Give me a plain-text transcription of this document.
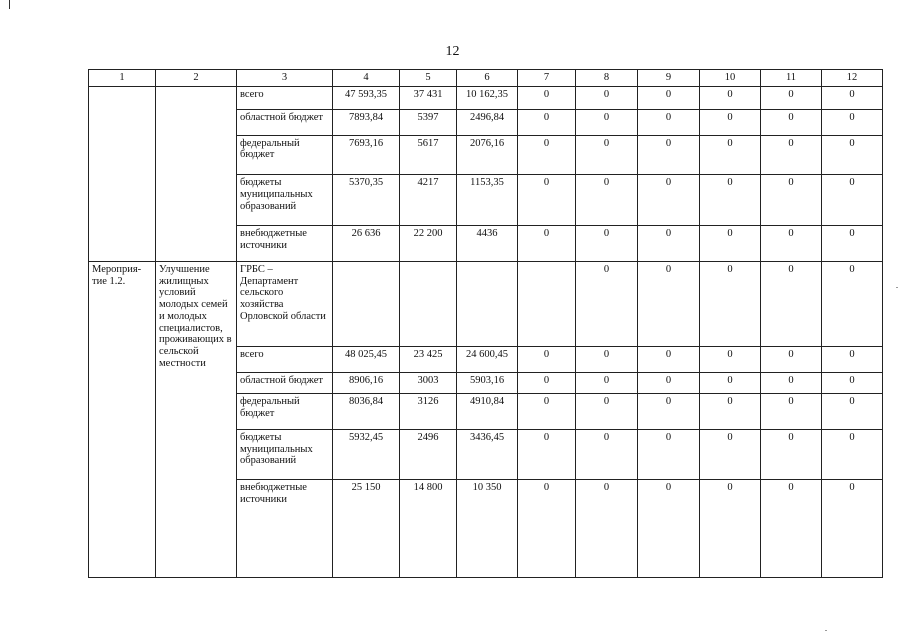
12
1	2	3	4	5	6	7	8	9	10	11	12
		всего	47 593,35	37 431	10 162,35	0	0	0	0	0	0
		областной бюджет	7893,84	5397	2496,84	0	0	0	0	0	0
		федеральный бюджет	7693,16	5617	2076,16	0	0	0	0	0	0
		бюджеты муниципальных образований	5370,35	4217	1153,35	0	0	0	0	0	0
		внебюджетные источники	26 636	22 200	4436	0	0	0	0	0	0
Мероприя-тие 1.2.	Улучшение жилищных условий молодых семей и молодых специалистов, проживающих в сельской местности	ГРБС – Департамент сельского хозяйства Орловской области					0	0	0	0	0
		всего	48 025,45	23 425	24 600,45	0	0	0	0	0	0
		областной бюджет	8906,16	3003	5903,16	0	0	0	0	0	0
		федеральный бюджет	8036,84	3126	4910,84	0	0	0	0	0	0
		бюджеты муниципальных образований	5932,45	2496	3436,45	0	0	0	0	0	0
		внебюджетные источники	25 150	14 800	10 350	0	0	0	0	0	0
